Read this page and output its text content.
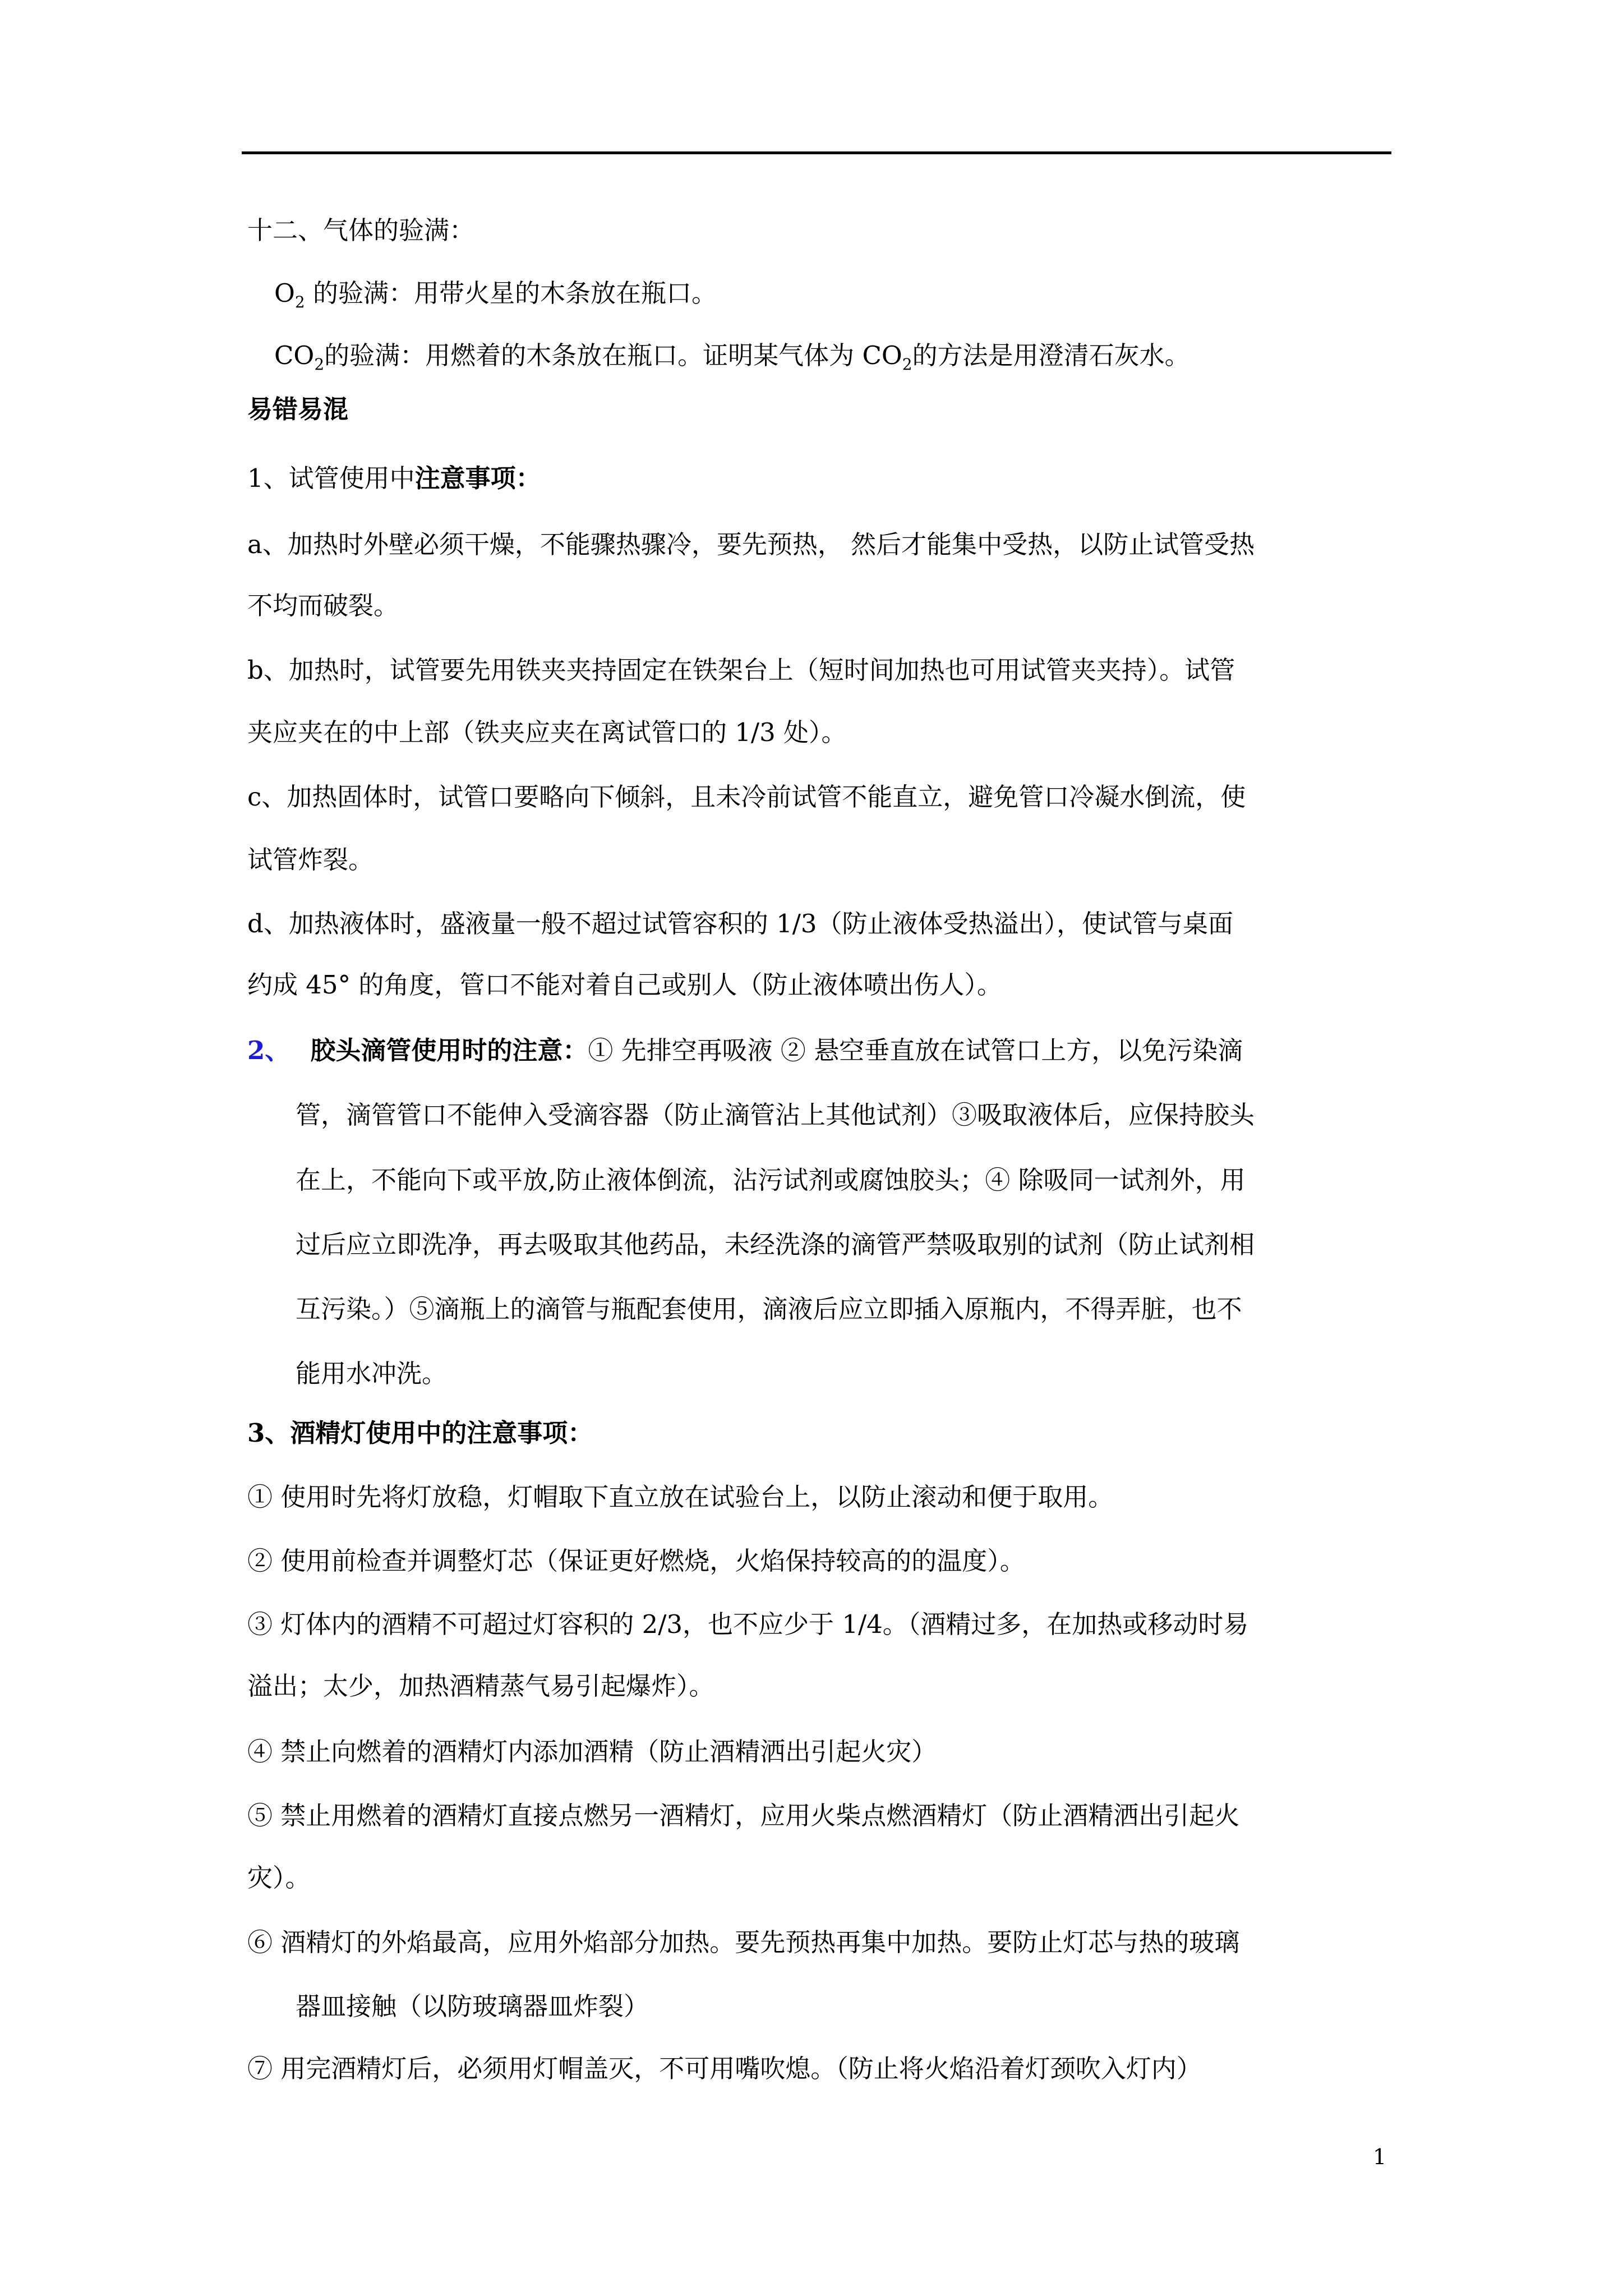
十二、气体的验满：
$O_2$ 的验满：用带火星的木条放在瓶口。
$CO_2$的验满：用燃着的木条放在瓶口。证明某气体为 $CO_2$的方法是用澄清石灰水。
易错易混
1、试管使用中注意事项：
a、加热时外壁必须干燥，不能骤热骤冷，要先预热， 然后才能集中受热，以防止试管受热
不均而破裂。
b、加热时，试管要先用铁夹夹持固定在铁架台上（短时间加热也可用试管夹夹持）。试管
夹应夹在的中上部（铁夹应夹在离试管口的 1/3 处）。
c、加热固体时，试管口要略向下倾斜，且未冷前试管不能直立，避免管口冷凝水倒流，使
试管炸裂。
d、加热液体时，盛液量一般不超过试管容积的 1/3（防止液体受热溢出），使试管与桌面
约成 45° 的角度，管口不能对着自己或别人（防止液体喷出伤人）。
2、 胶头滴管使用时的注意：① 先排空再吸液 ② 悬空垂直放在试管口上方，以免污染滴
管，滴管管口不能伸入受滴容器（防止滴管沾上其他试剂）③吸取液体后，应保持胶头
在上，不能向下或平放,防止液体倒流，沾污试剂或腐蚀胶头；④ 除吸同一试剂外，用
过后应立即洗净，再去吸取其他药品，未经洗涤的滴管严禁吸取别的试剂（防止试剂相
互污染。）⑤滴瓶上的滴管与瓶配套使用，滴液后应立即插入原瓶内，不得弄脏，也不
能用水冲洗。
3、酒精灯使用中的注意事项：
① 使用时先将灯放稳，灯帽取下直立放在试验台上，以防止滚动和便于取用。
② 使用前检查并调整灯芯（保证更好燃烧，火焰保持较高的的温度）。
③ 灯体内的酒精不可超过灯容积的 2/3，也不应少于 1/4。（酒精过多，在加热或移动时易
溢出；太少，加热酒精蒸气易引起爆炸）。
④ 禁止向燃着的酒精灯内添加酒精（防止酒精洒出引起火灾）
⑤ 禁止用燃着的酒精灯直接点燃另一酒精灯，应用火柴点燃酒精灯（防止酒精洒出引起火
灾）。
⑥ 酒精灯的外焰最高，应用外焰部分加热。要先预热再集中加热。要防止灯芯与热的玻璃
器皿接触（以防玻璃器皿炸裂）
⑦ 用完酒精灯后，必须用灯帽盖灭，不可用嘴吹熄。（防止将火焰沿着灯颈吹入灯内）
1
